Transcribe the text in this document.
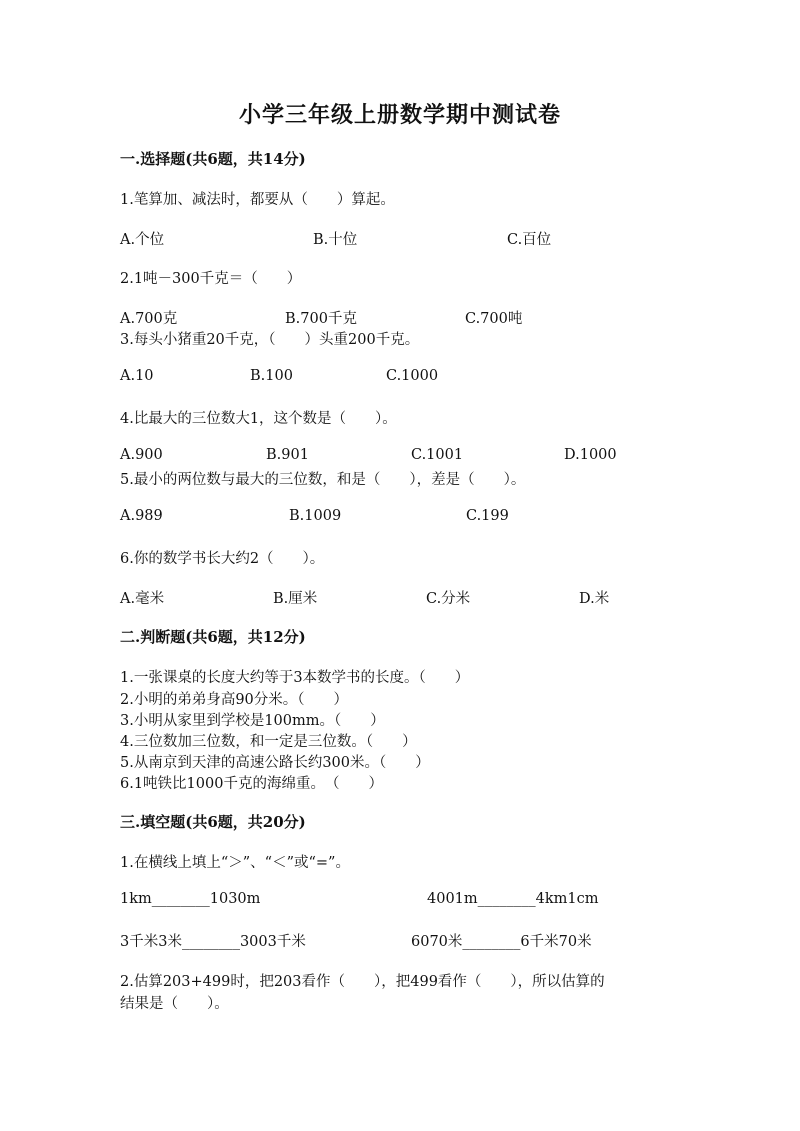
小学三年级上册数学期中测试卷
一.选择题(共6题，共14分)
1.笔算加、减法时，都要从（　　）算起。
A.个位	B.十位	C.百位
2.1吨－300千克＝（　　）
A.700克	B.700千克	C.700吨
3.每头小猪重20千克，（　　）头重200千克。
A.10	B.100	C.1000
4.比最大的三位数大1，这个数是（　　）。
A.900	B.901	C.1001	D.1000
5.最小的两位数与最大的三位数，和是（　　），差是（　　）。
A.989	B.1009	C.199
6.你的数学书长大约2（　　）。
A.毫米	B.厘米	C.分米	D.米
二.判断题(共6题，共12分)
1.一张课桌的长度大约等于3本数学书的长度。（　　）
2.小明的弟弟身高90分米。（　　）
3.小明从家里到学校是100mm。（　　）
4.三位数加三位数，和一定是三位数。（　　）
5.从南京到天津的高速公路长约300米。（　　）
6.1吨铁比1000千克的海绵重。　（　　）
三.填空题(共6题，共20分)
1.在横线上填上“＞”、“＜”或“=”。
1km________1030m	4001m________4km1cm
3千米3米________3003千米	6070米________6千米70米
2.估算203+499时，把203看作（　　），把499看作（　　），所以估算的
结果是（　　）。
